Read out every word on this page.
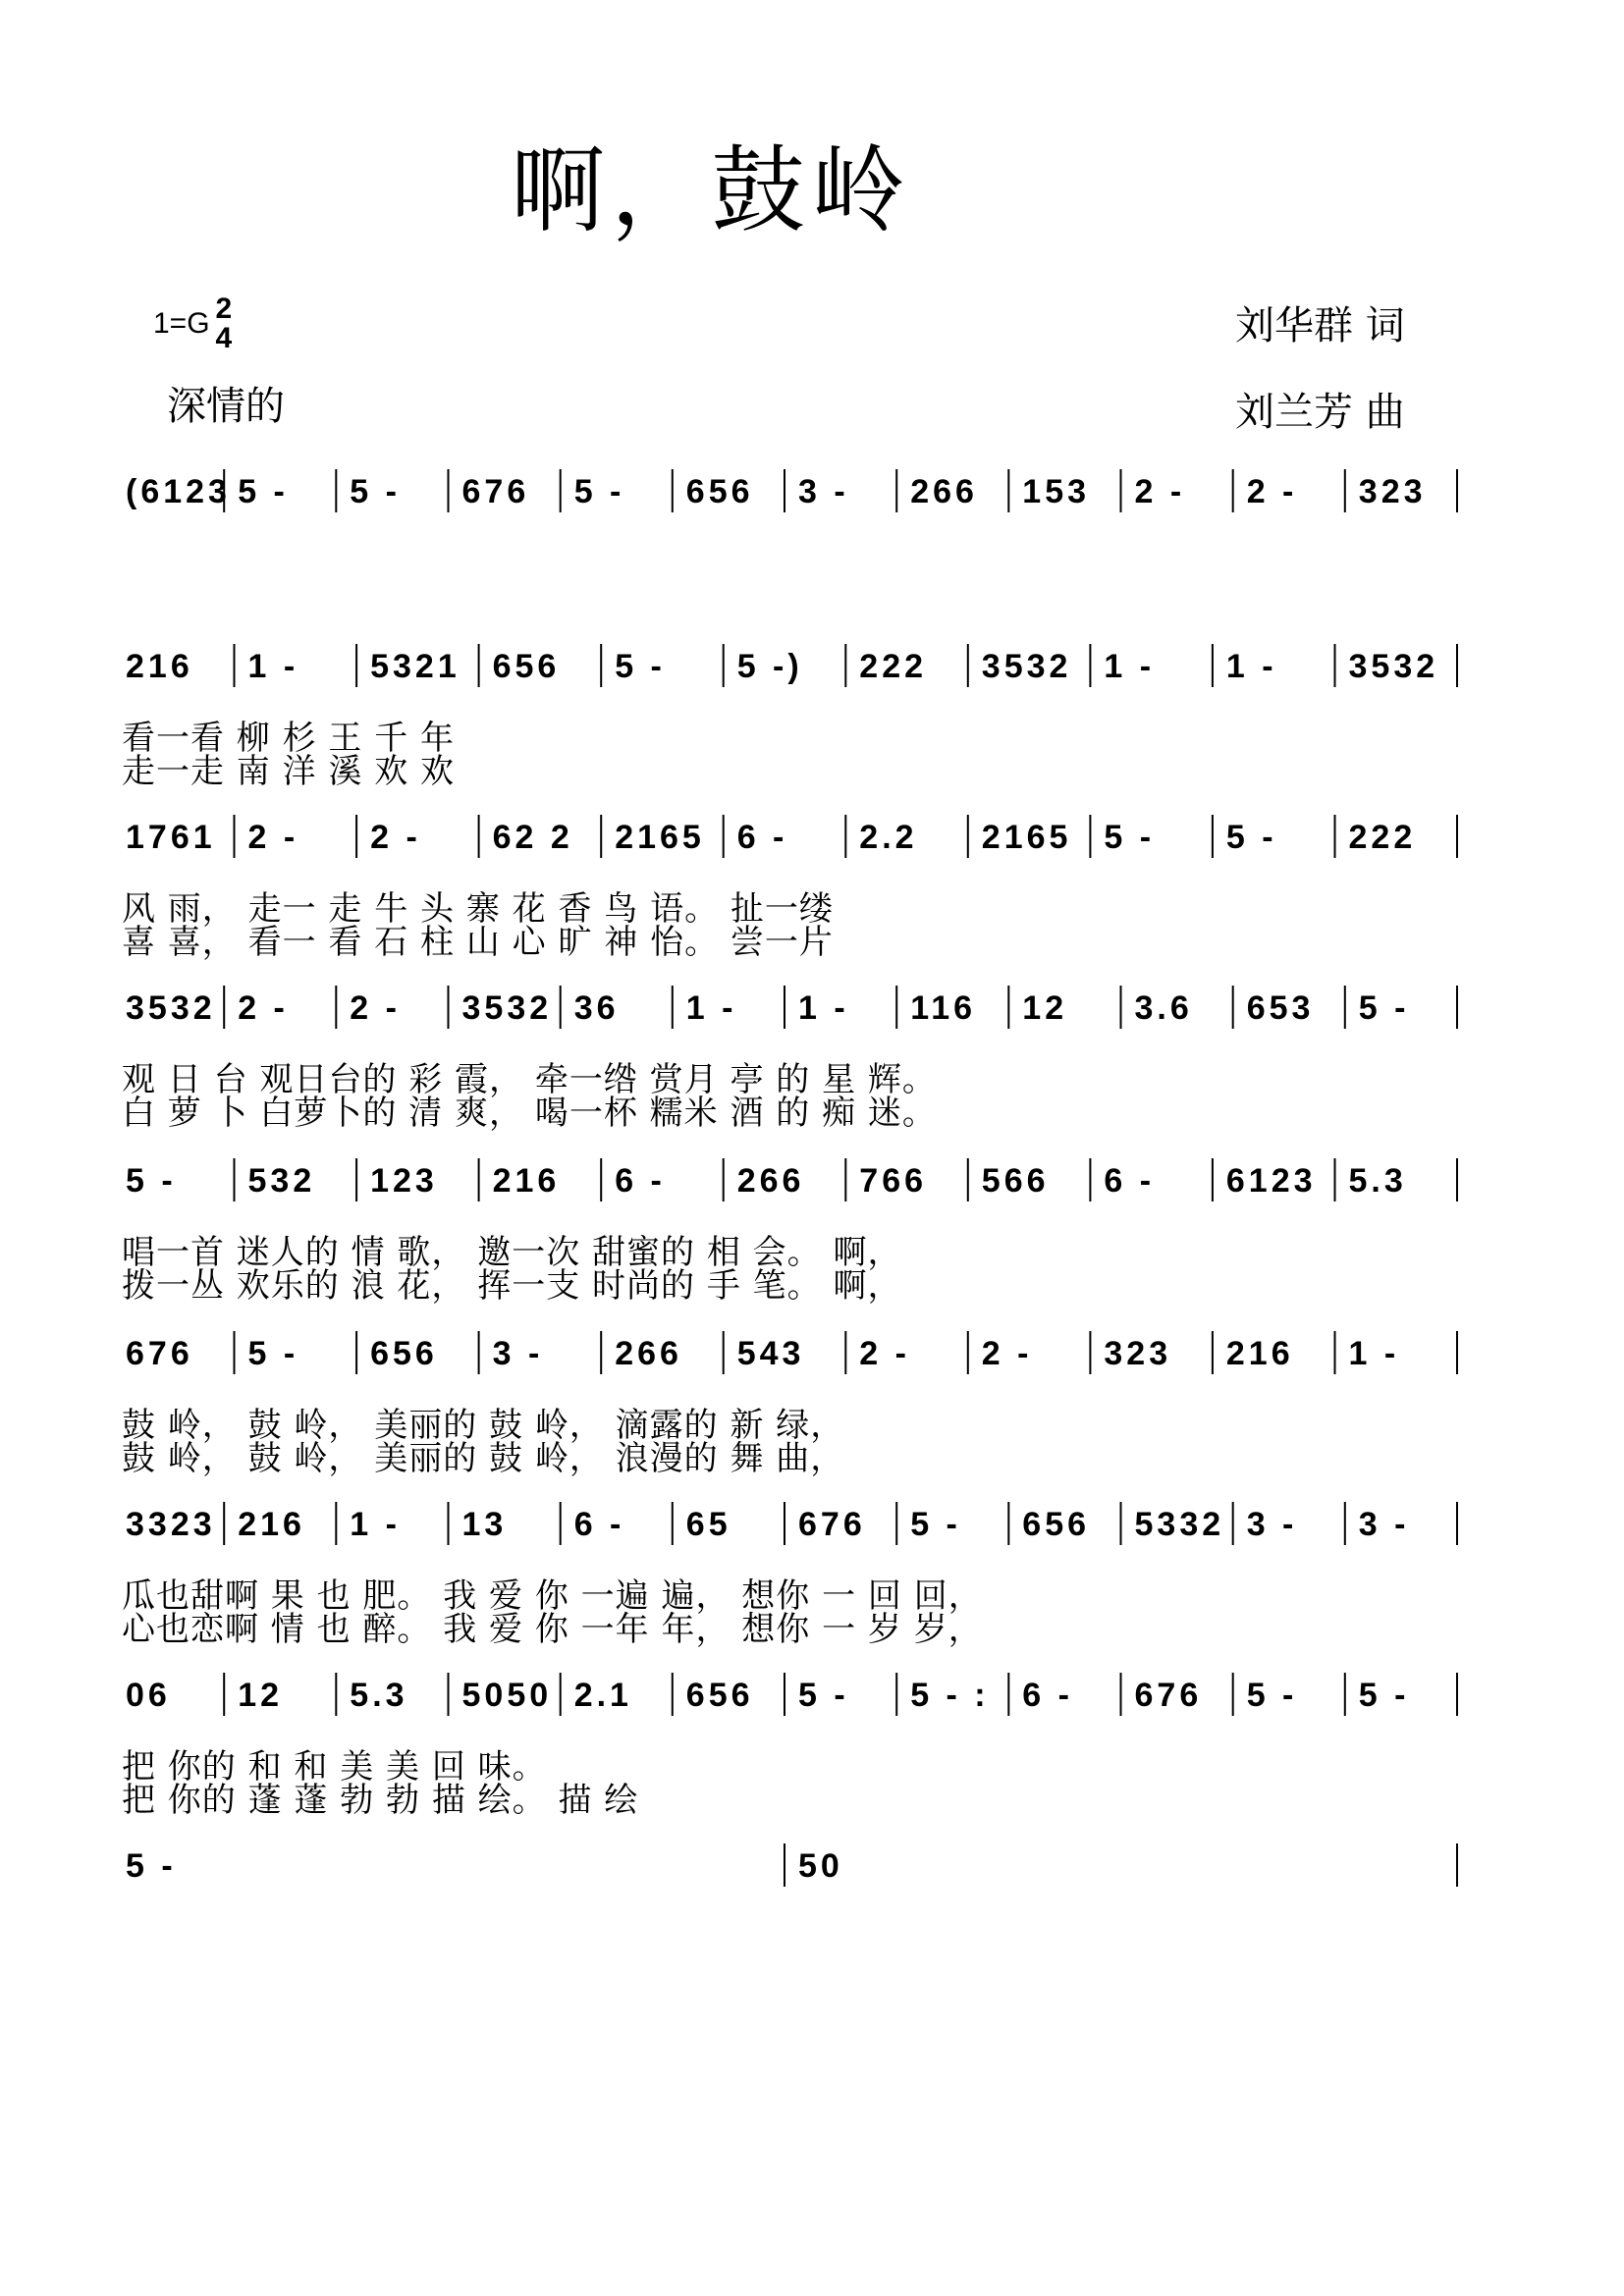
啊，鼓岭
1=G 2
4
深情的
刘华群 词
刘兰芳 曲
(6123 5 - 5 - 676 5 - 656 3 - 266 153 2 - 2 - 323
216 1 - 5321 656 5 - 5 -) 222 3532 1 - 1 - 3532
看一看 柳 杉 王 千 年
走一走 南 洋 溪 欢 欢
1761 2 - 2 - 62 2 2165 6 - 2.2 2165 5 - 5 - 222
风 雨， 走一 走 牛 头 寨 花 香 鸟 语。 扯一缕
喜 喜， 看一 看 石 柱 山 心 旷 神 怡。 尝一片
3532 2 - 2 - 3532 36 1 - 1 - 116 12 3.6 653 5 -
观 日 台 观日台的 彩 霞， 牵一绺 赏月 亭 的 星 辉。
白 萝 卜 白萝卜的 清 爽， 喝一杯 糯米 酒 的 痴 迷。
5 - 532 123 216 6 - 266 766 566 6 - 6123 5.3
唱一首 迷人的 情 歌， 邀一次 甜蜜的 相 会。 啊，
拨一丛 欢乐的 浪 花， 挥一支 时尚的 手 笔。 啊，
676 5 - 656 3 - 266 543 2 - 2 - 323 216 1 -
鼓 岭， 鼓 岭， 美丽的 鼓 岭， 滴露的 新 绿，
鼓 岭， 鼓 岭， 美丽的 鼓 岭， 浪漫的 舞 曲，
3323 216 1 - 13 6 - 65 676 5 - 656 5332 3 - 3 -
瓜也甜啊 果 也 肥。 我 爱 你 一遍 遍， 想你 一 回 回，
心也恋啊 情 也 醉。 我 爱 你 一年 年， 想你 一 岁 岁，
06 12 5.3 5050 2.1 656 5 - 5 - : 6 - 676 5 - 5 -
把 你的 和 和 美 美 回 味。
把 你的 蓬 蓬 勃 勃 描 绘。 描 绘
5 -	50
